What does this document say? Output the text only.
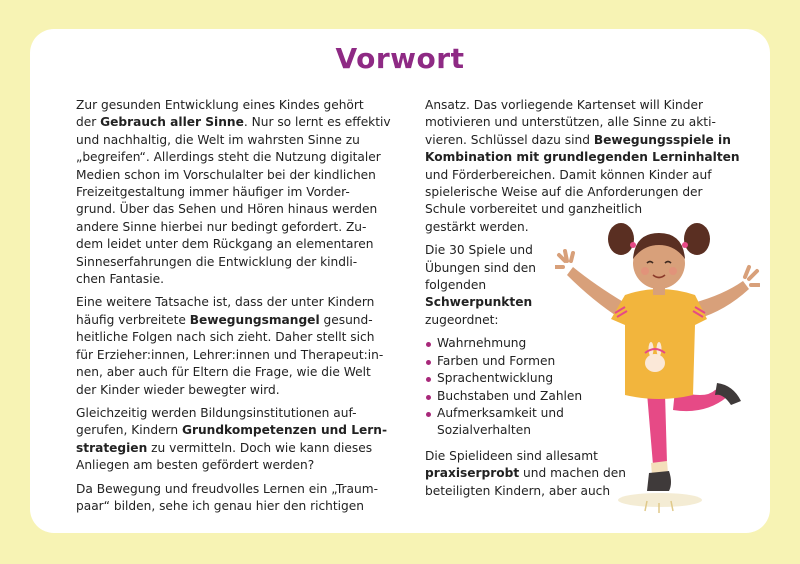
Vorwort

Zur gesunden Entwicklung eines Kindes gehört
der Gebrauch aller Sinne. Nur so lernt es effektiv
und nachhaltig, die Welt im wahrsten Sinne zu
„begreifen“. Allerdings steht die Nutzung digitaler
Medien schon im Vorschulalter bei der kindlichen
Freizeitgestaltung immer häufiger im Vorder-
grund. Über das Sehen und Hören hinaus werden
andere Sinne hierbei nur bedingt gefordert. Zu-
dem leidet unter dem Rückgang an elementaren
Sinneserfahrungen die Entwicklung der kindli-
chen Fantasie.

Eine weitere Tatsache ist, dass der unter Kindern
häufig verbreitete Bewegungsmangel gesund-
heitliche Folgen nach sich zieht. Daher stellt sich
für Erzieher:innen, Lehrer:innen und Therapeut:in-
nen, aber auch für Eltern die Frage, wie die Welt
der Kinder wieder bewegter wird.

Gleichzeitig werden Bildungsinstitutionen auf-
gerufen, Kindern Grundkompetenzen und Lern-
strategien zu vermitteln. Doch wie kann dieses
Anliegen am besten gefördert werden?

Da Bewegung und freudvolles Lernen ein „Traum-
paar“ bilden, sehe ich genau hier den richtigen

Ansatz. Das vorliegende Kartenset will Kinder
motivieren und unterstützen, alle Sinne zu akti-
vieren. Schlüssel dazu sind Bewegungsspiele in
Kombination mit grundlegenden Lerninhalten
und Förderbereichen. Damit können Kinder auf
spielerische Weise auf die Anforderungen der
Schule vorbereitet und ganzheitlich
gestärkt werden.

Die 30 Spiele und
Übungen sind den
folgenden
Schwerpunkten
zugeordnet:

Wahrnehmung
Farben und Formen
Sprachentwicklung
Buchstaben und Zahlen
Aufmerksamkeit und
Sozialverhalten

Die Spielideen sind allesamt
praxiserprobt und machen den
beteiligten Kindern, aber auch
